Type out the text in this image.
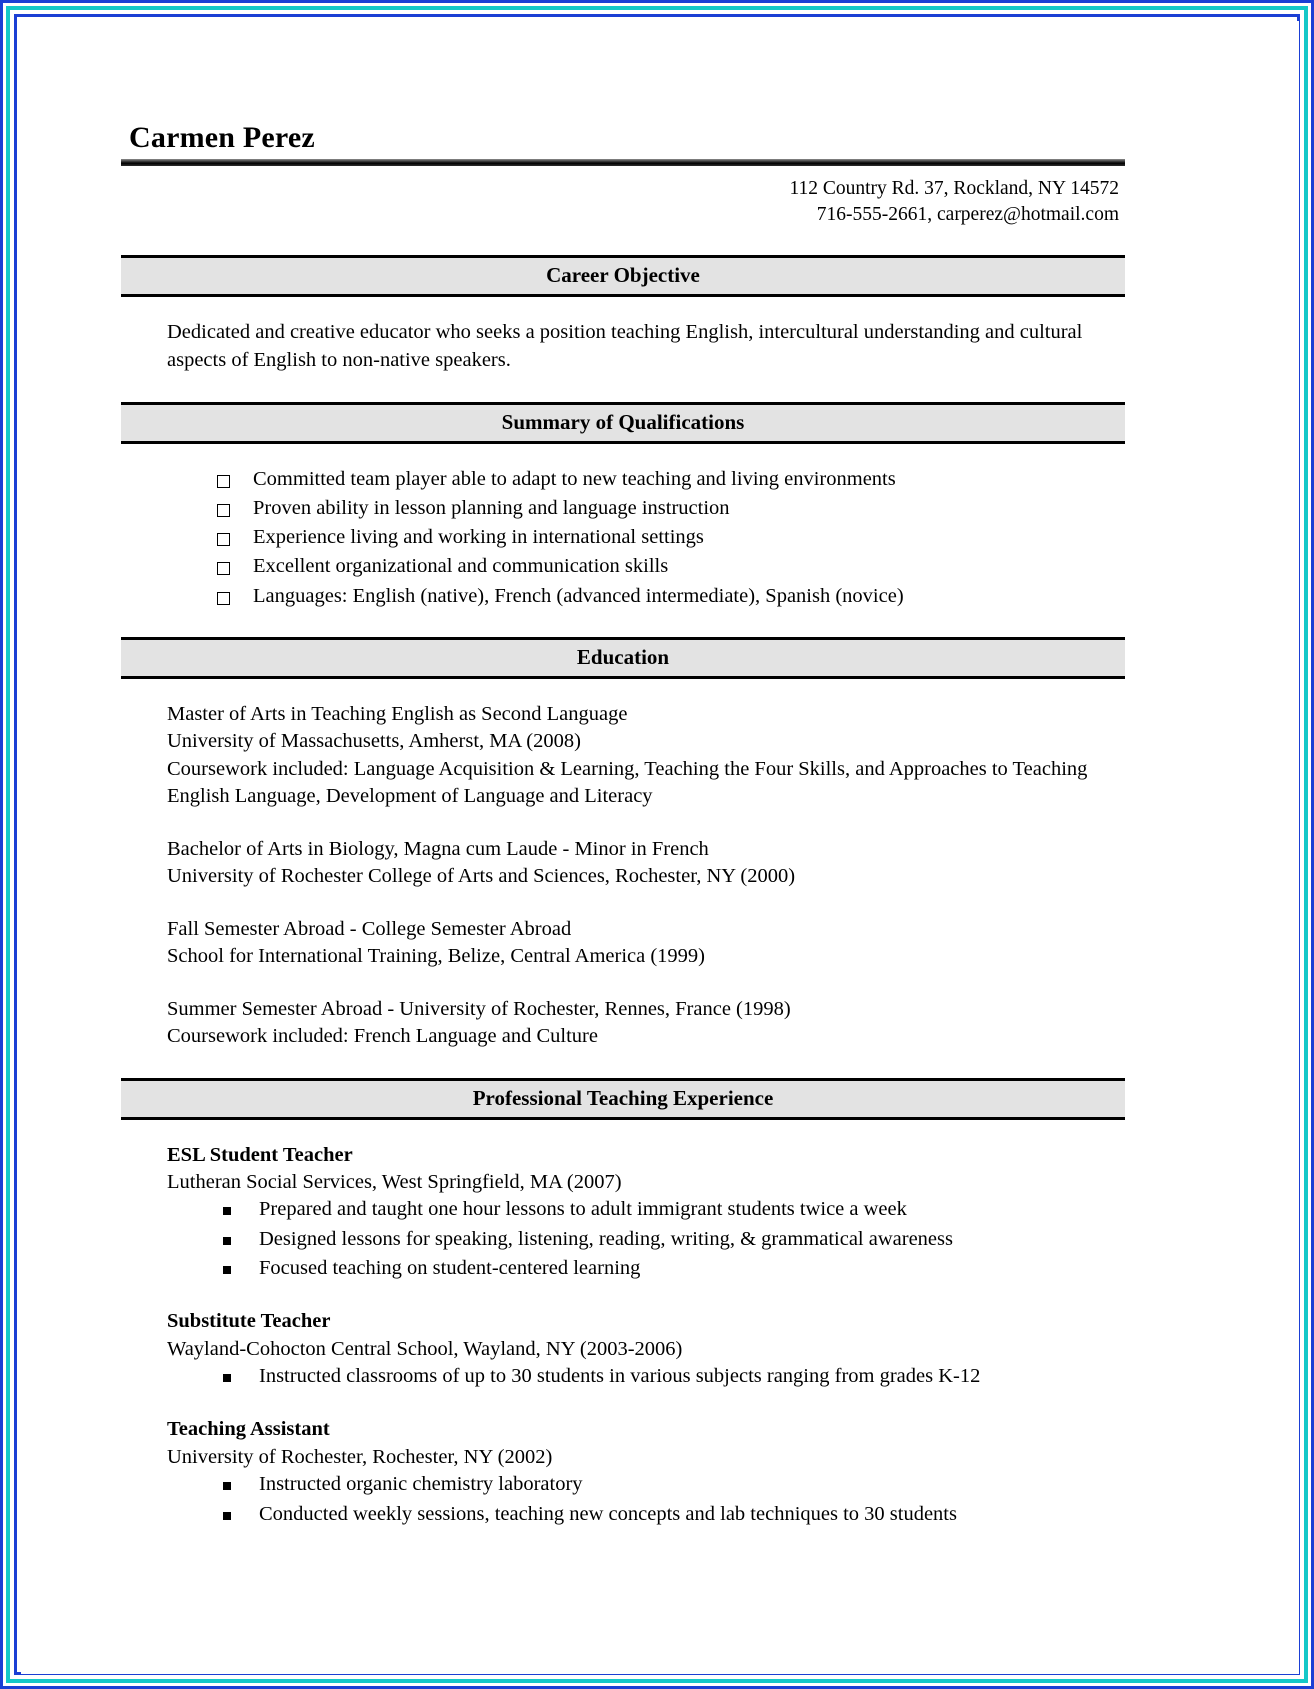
Carmen Perez
112 Country Rd. 37, Rockland, NY 14572
716-555-2661, carperez@hotmail.com
Career Objective

Dedicated and creative educator who seeks a position teaching English, intercultural understanding and cultural aspects of English to non-native speakers.

Summary of Qualifications
Committed team player able to adapt to new teaching and living environments
Proven ability in lesson planning and language instruction
Experience living and working in international settings
Excellent organizational and communication skills
Languages: English (native), French (advanced intermediate), Spanish (novice)
Education
Master of Arts in Teaching English as Second Language
University of Massachusetts, Amherst, MA (2008)
Coursework included: Language Acquisition & Learning, Teaching the Four Skills, and Approaches to Teaching English Language, Development of Language and Literacy
Bachelor of Arts in Biology, Magna cum Laude - Minor in French
University of Rochester College of Arts and Sciences, Rochester, NY (2000)
Fall Semester Abroad - College Semester Abroad
School for International Training, Belize, Central America (1999)
Summer Semester Abroad - University of Rochester, Rennes, France (1998)
Coursework included: French Language and Culture
Professional Teaching Experience
ESL Student Teacher
Lutheran Social Services, West Springfield, MA (2007)
Prepared and taught one hour lessons to adult immigrant students twice a week
Designed lessons for speaking, listening, reading, writing, & grammatical awareness
Focused teaching on student-centered learning
Substitute Teacher
Wayland-Cohocton Central School, Wayland, NY (2003-2006)
Instructed classrooms of up to 30 students in various subjects ranging from grades K-12
Teaching Assistant
University of Rochester, Rochester, NY (2002)
Instructed organic chemistry laboratory
Conducted weekly sessions, teaching new concepts and lab techniques to 30 students
